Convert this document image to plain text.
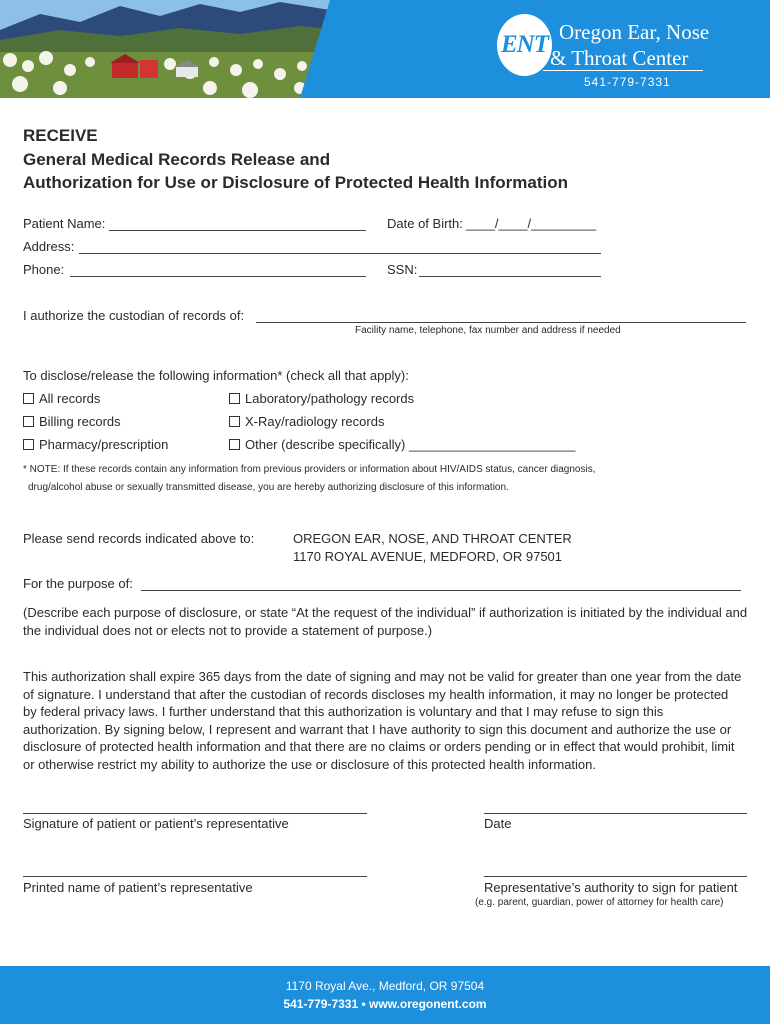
ENT Oregon Ear, Nose
& Throat Center
541-779-7331
RECEIVE
General Medical Records Release and
Authorization for Use or Disclosure of Protected Health Information
Patient Name:	Date of Birth: ____/____/_________
Address:
Phone:	SSN:
I authorize the custodian of records of:
Facility name, telephone, fax number and address if needed
To disclose/release the following information* (check all that apply):
All records	Laboratory/pathology records
Billing records	X-Ray/radiology records
Pharmacy/prescription	Other (describe specifically) _______________________
* NOTE: If these records contain any information from previous providers or information about HIV/AIDS status, cancer diagnosis,
drug/alcohol abuse or sexually transmitted disease, you are hereby authorizing disclosure of this information.
Please send records indicated above to:	OREGON EAR, NOSE, AND THROAT CENTER
1170 ROYAL AVENUE, MEDFORD, OR 97501
For the purpose of:
(Describe each purpose of disclosure, or state “At the request of the individual” if authorization is initiated by the individual and the individual does not or elects not to provide a statement of purpose.)
This authorization shall expire 365 days from the date of signing and may not be valid for greater than one year from the date of signature. I understand that after the custodian of records discloses my health information, it may no longer be protected by federal privacy laws. I further understand that this authorization is voluntary and that I may refuse to sign this authorization. By signing below, I represent and warrant that I have authority to sign this document and authorize the use or disclosure of protected health information and that there are no claims or orders pending or in effect that would prohibit, limit or otherwise restrict my ability to authorize the use or disclosure of this protected health information.
Signature of patient or patient’s representative	Date
Printed name of patient’s representative	Representative’s authority to sign for patient
(e.g. parent, guardian, power of attorney for health care)
1170 Royal Ave., Medford, OR 97504
541-779-7331 • www.oregonent.com
